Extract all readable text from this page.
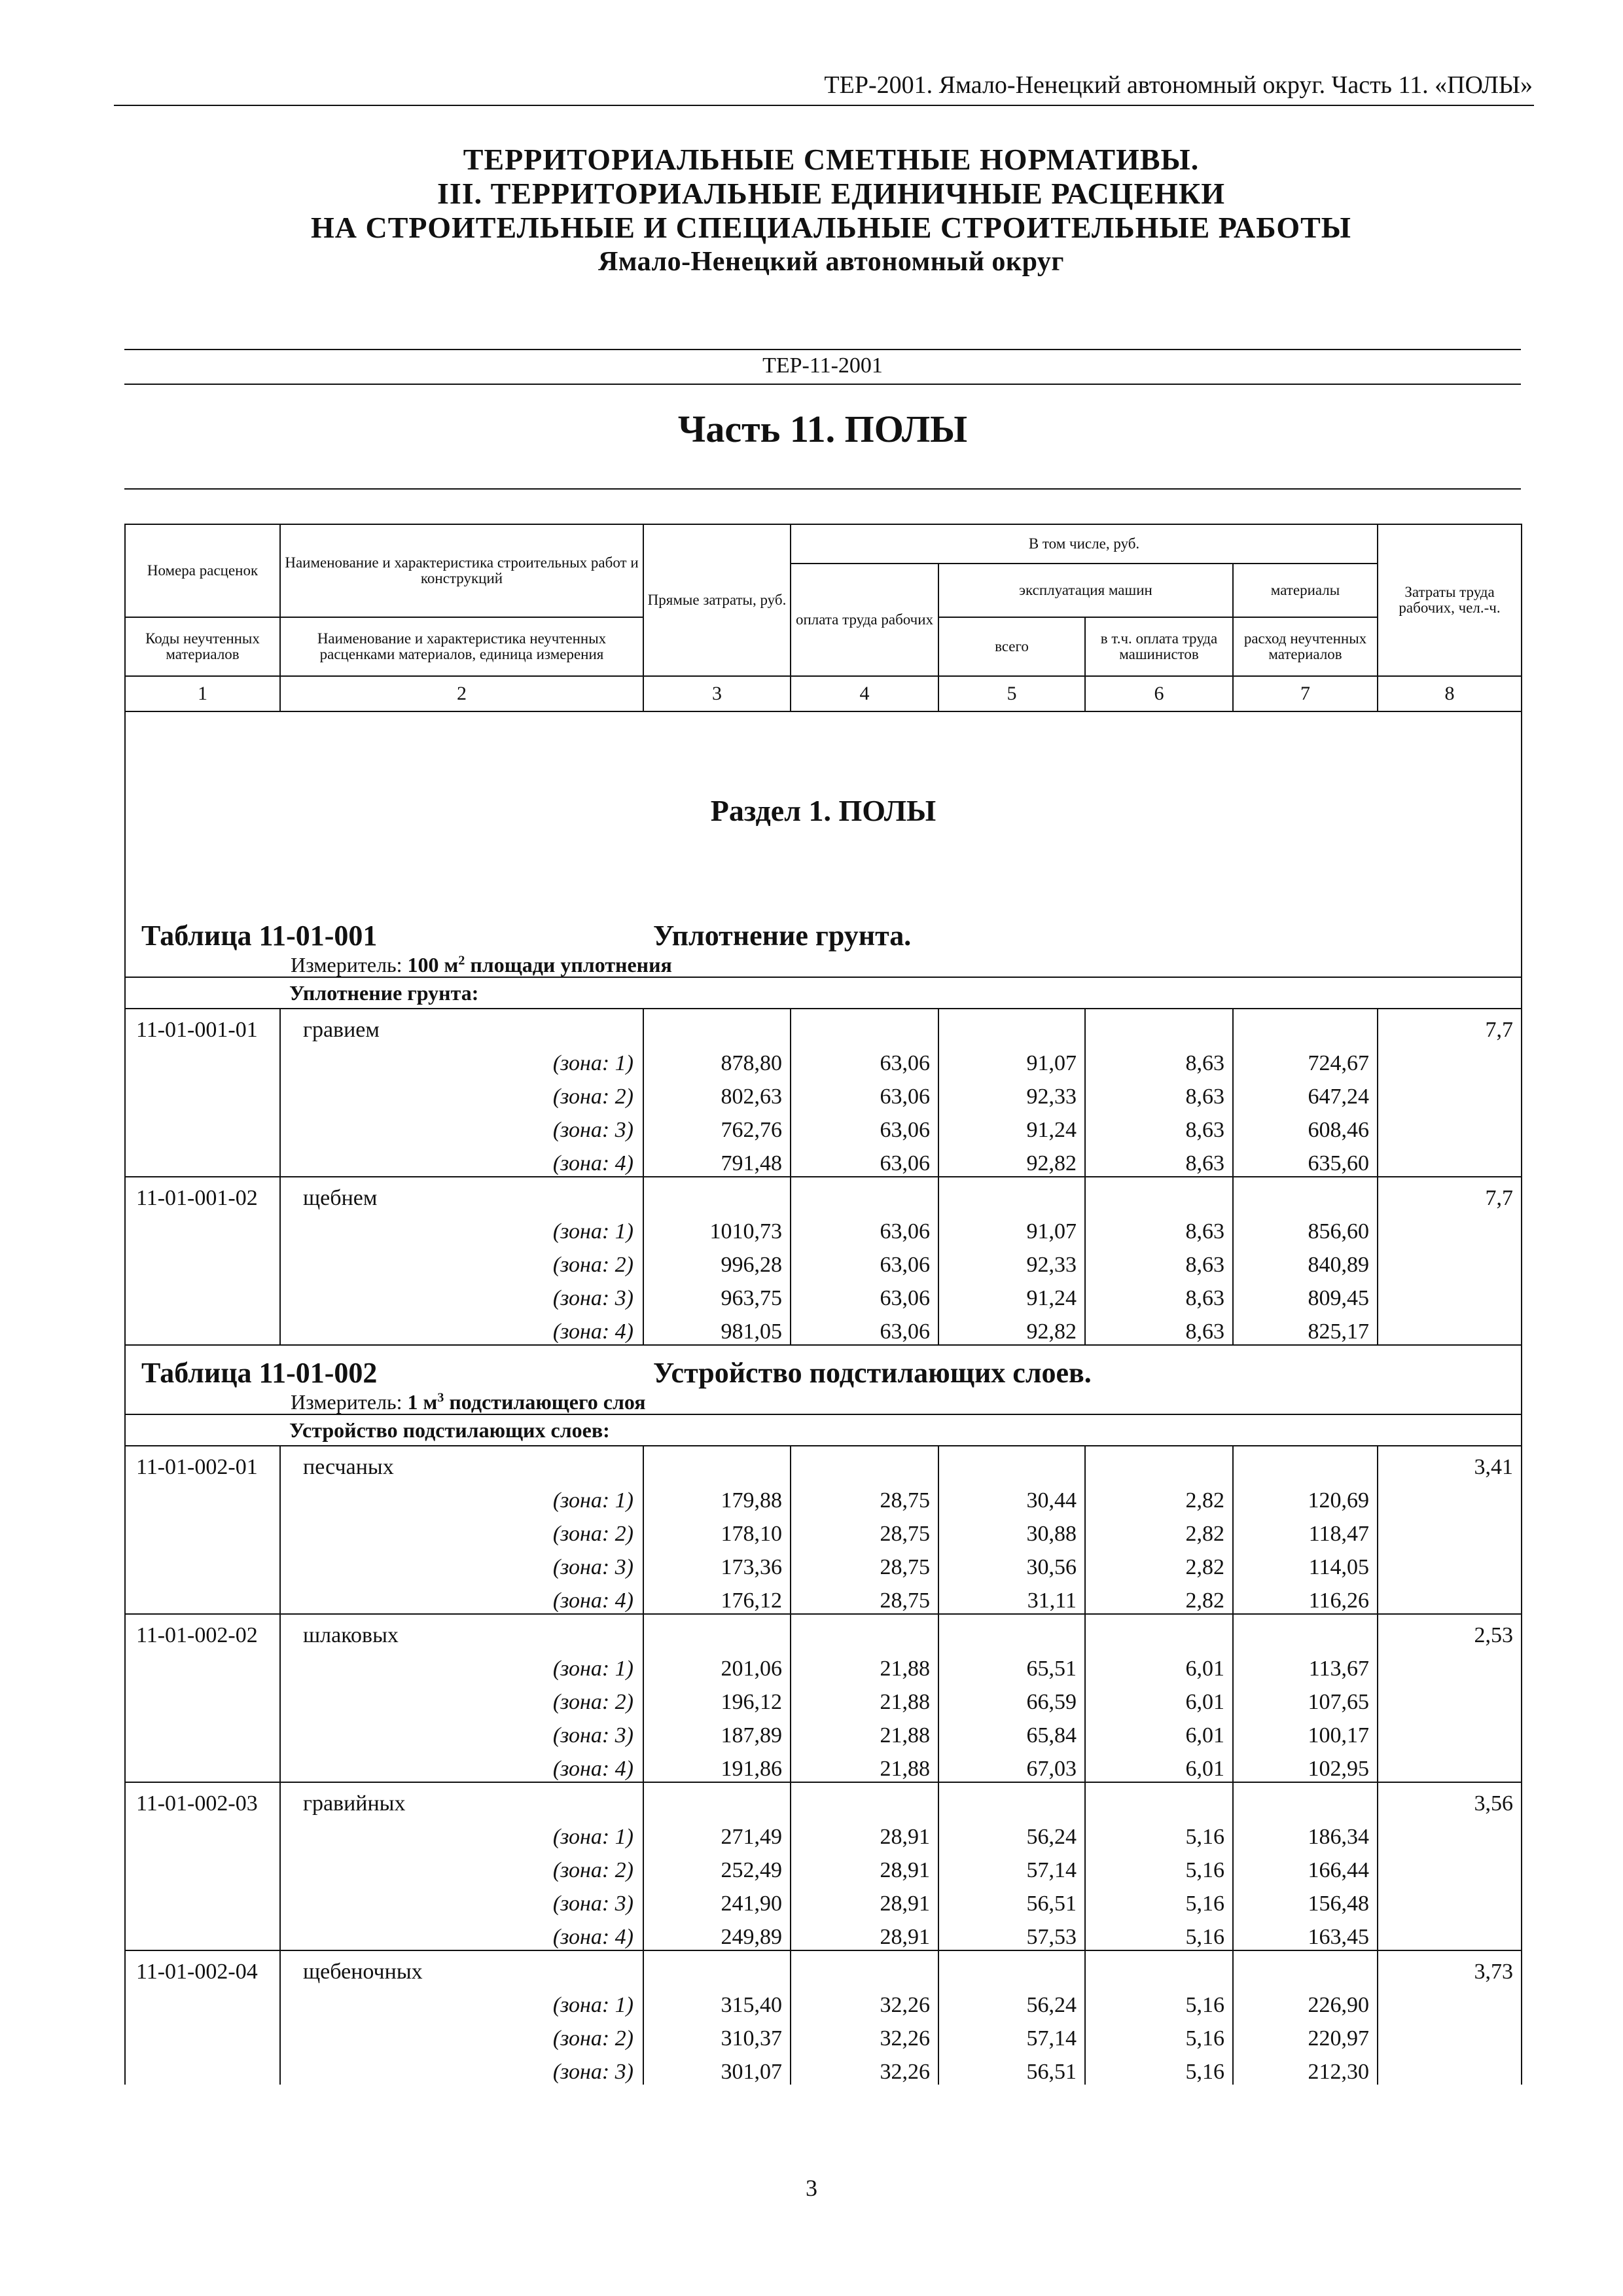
ТЕР-2001. Ямало-Ненецкий автономный округ. Часть 11. «ПОЛЫ»
ТЕРРИТОРИАЛЬНЫЕ СМЕТНЫЕ НОРМАТИВЫ.
III. ТЕРРИТОРИАЛЬНЫЕ ЕДИНИЧНЫЕ РАСЦЕНКИ
НА СТРОИТЕЛЬНЫЕ И СПЕЦИАЛЬНЫЕ СТРОИТЕЛЬНЫЕ РАБОТЫ
Ямало-Ненецкий автономный округ
ТЕР-11-2001
Часть 11. ПОЛЫ
Номера расценок	Наименование и характеристика строительных работ и конструкций	Прямые затраты, руб.	В том числе, руб.				Затраты труда рабочих, чел.-ч.
			оплата труда рабочих	эксплуатация машин		материалы	
Коды неучтенных материалов	Наименование и характеристика неучтенных расценками материалов, единица измерения			всего	в т.ч. оплата труда машинистов	расход неучтенных материалов	
1	2	3	4	5	6	7	8
Раздел 1. ПОЛЫ							

Таблица 11-01-001 Уплотнение грунта.
Измеритель: 100 $м^2$ площади уплотнения							

Уплотнение грунта:							
11-01-001-01	гравием						7,7
	(зона: 1)	878,80	63,06	91,07	8,63	724,67	
	(зона: 2)	802,63	63,06	92,33	8,63	647,24	
	(зона: 3)	762,76	63,06	91,24	8,63	608,46	
	(зона: 4)	791,48	63,06	92,82	8,63	635,60	
11-01-001-02	щебнем						7,7
	(зона: 1)	1010,73	63,06	91,07	8,63	856,60	
	(зона: 2)	996,28	63,06	92,33	8,63	840,89	
	(зона: 3)	963,75	63,06	91,24	8,63	809,45	
	(зона: 4)	981,05	63,06	92,82	8,63	825,17	

Таблица 11-01-002 Устройство подстилающих слоев.
Измеритель: 1 $м^3$ подстилающего слоя							

Устройство подстилающих слоев:							
11-01-002-01	песчаных						3,41
	(зона: 1)	179,88	28,75	30,44	2,82	120,69	
	(зона: 2)	178,10	28,75	30,88	2,82	118,47	
	(зона: 3)	173,36	28,75	30,56	2,82	114,05	
	(зона: 4)	176,12	28,75	31,11	2,82	116,26	
11-01-002-02	шлаковых						2,53
	(зона: 1)	201,06	21,88	65,51	6,01	113,67	
	(зона: 2)	196,12	21,88	66,59	6,01	107,65	
	(зона: 3)	187,89	21,88	65,84	6,01	100,17	
	(зона: 4)	191,86	21,88	67,03	6,01	102,95	
11-01-002-03	гравийных						3,56
	(зона: 1)	271,49	28,91	56,24	5,16	186,34	
	(зона: 2)	252,49	28,91	57,14	5,16	166,44	
	(зона: 3)	241,90	28,91	56,51	5,16	156,48	
	(зона: 4)	249,89	28,91	57,53	5,16	163,45	
11-01-002-04	щебеночных						3,73
	(зона: 1)	315,40	32,26	56,24	5,16	226,90	
	(зона: 2)	310,37	32,26	57,14	5,16	220,97	
	(зона: 3)	301,07	32,26	56,51	5,16	212,30	
3
